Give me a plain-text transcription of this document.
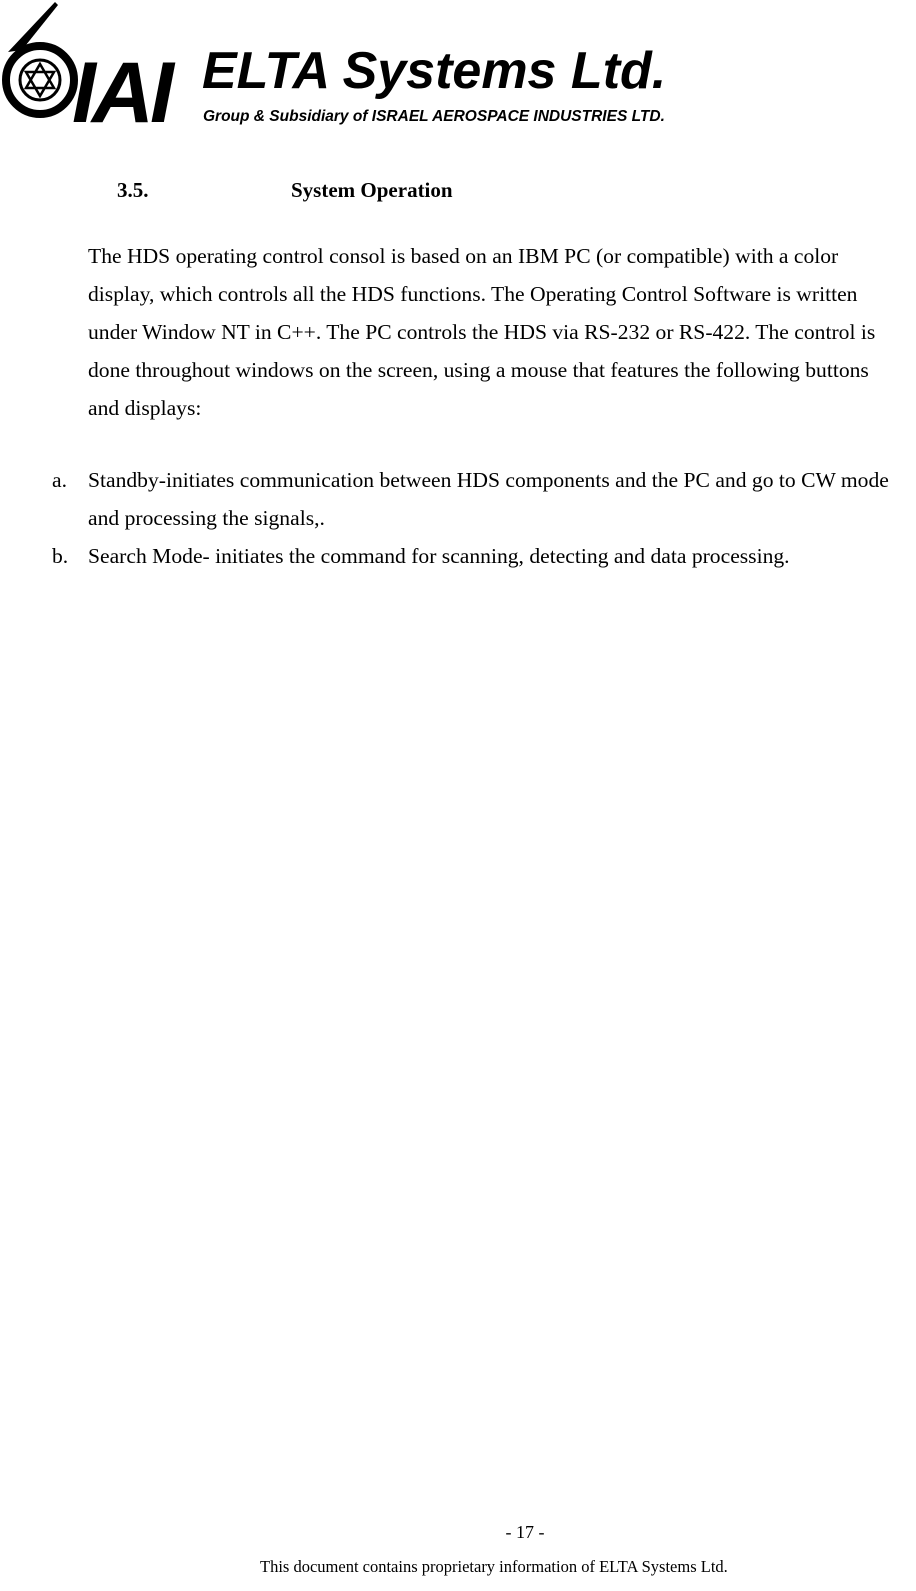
IAI ELTA Systems Ltd.
Group & Subsidiary of ISRAEL AEROSPACE INDUSTRIES LTD.
3.5.	System Operation

The HDS operating control consol is based on an IBM PC (or compatible) with a color display, which controls all the HDS functions. The Operating Control Software is written under Window NT in C++. The PC controls the HDS via RS-232 or RS-422. The control is done throughout windows on the screen, using a mouse that features the following buttons and displays:

a. Standby-initiates communication between HDS components and the PC and go to CW mode and processing the signals,.
b. Search Mode- initiates the command for scanning, detecting and data processing.
- 17 -
This document contains proprietary information of ELTA Systems Ltd.
